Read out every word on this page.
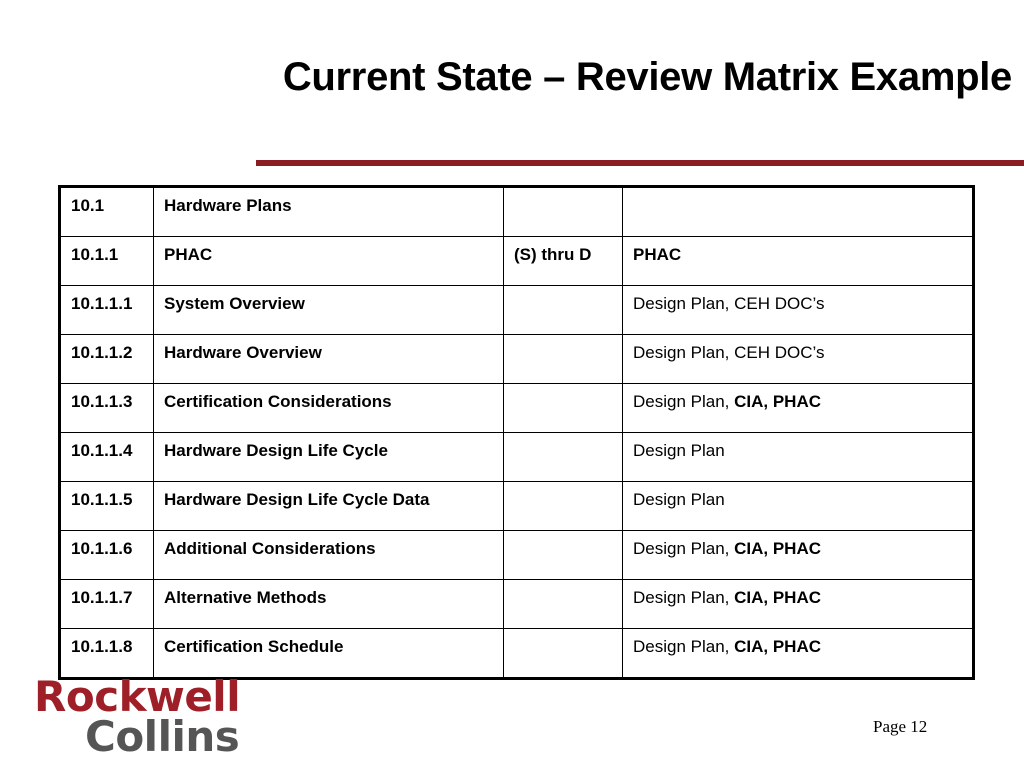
Current State – Review Matrix Example
10.1	Hardware Plans		
10.1.1	PHAC	(S) thru D	PHAC
10.1.1.1	System Overview		Design Plan, CEH DOC’s
10.1.1.2	Hardware Overview		Design Plan, CEH DOC’s
10.1.1.3	Certification Considerations		Design Plan, CIA, PHAC
10.1.1.4	Hardware Design Life Cycle		Design Plan
10.1.1.5	Hardware Design Life Cycle Data		Design Plan
10.1.1.6	Additional Considerations		Design Plan, CIA, PHAC
10.1.1.7	Alternative Methods		Design Plan, CIA, PHAC
10.1.1.8	Certification Schedule		Design Plan, CIA, PHAC
Rockwell
Collins	Page 12
